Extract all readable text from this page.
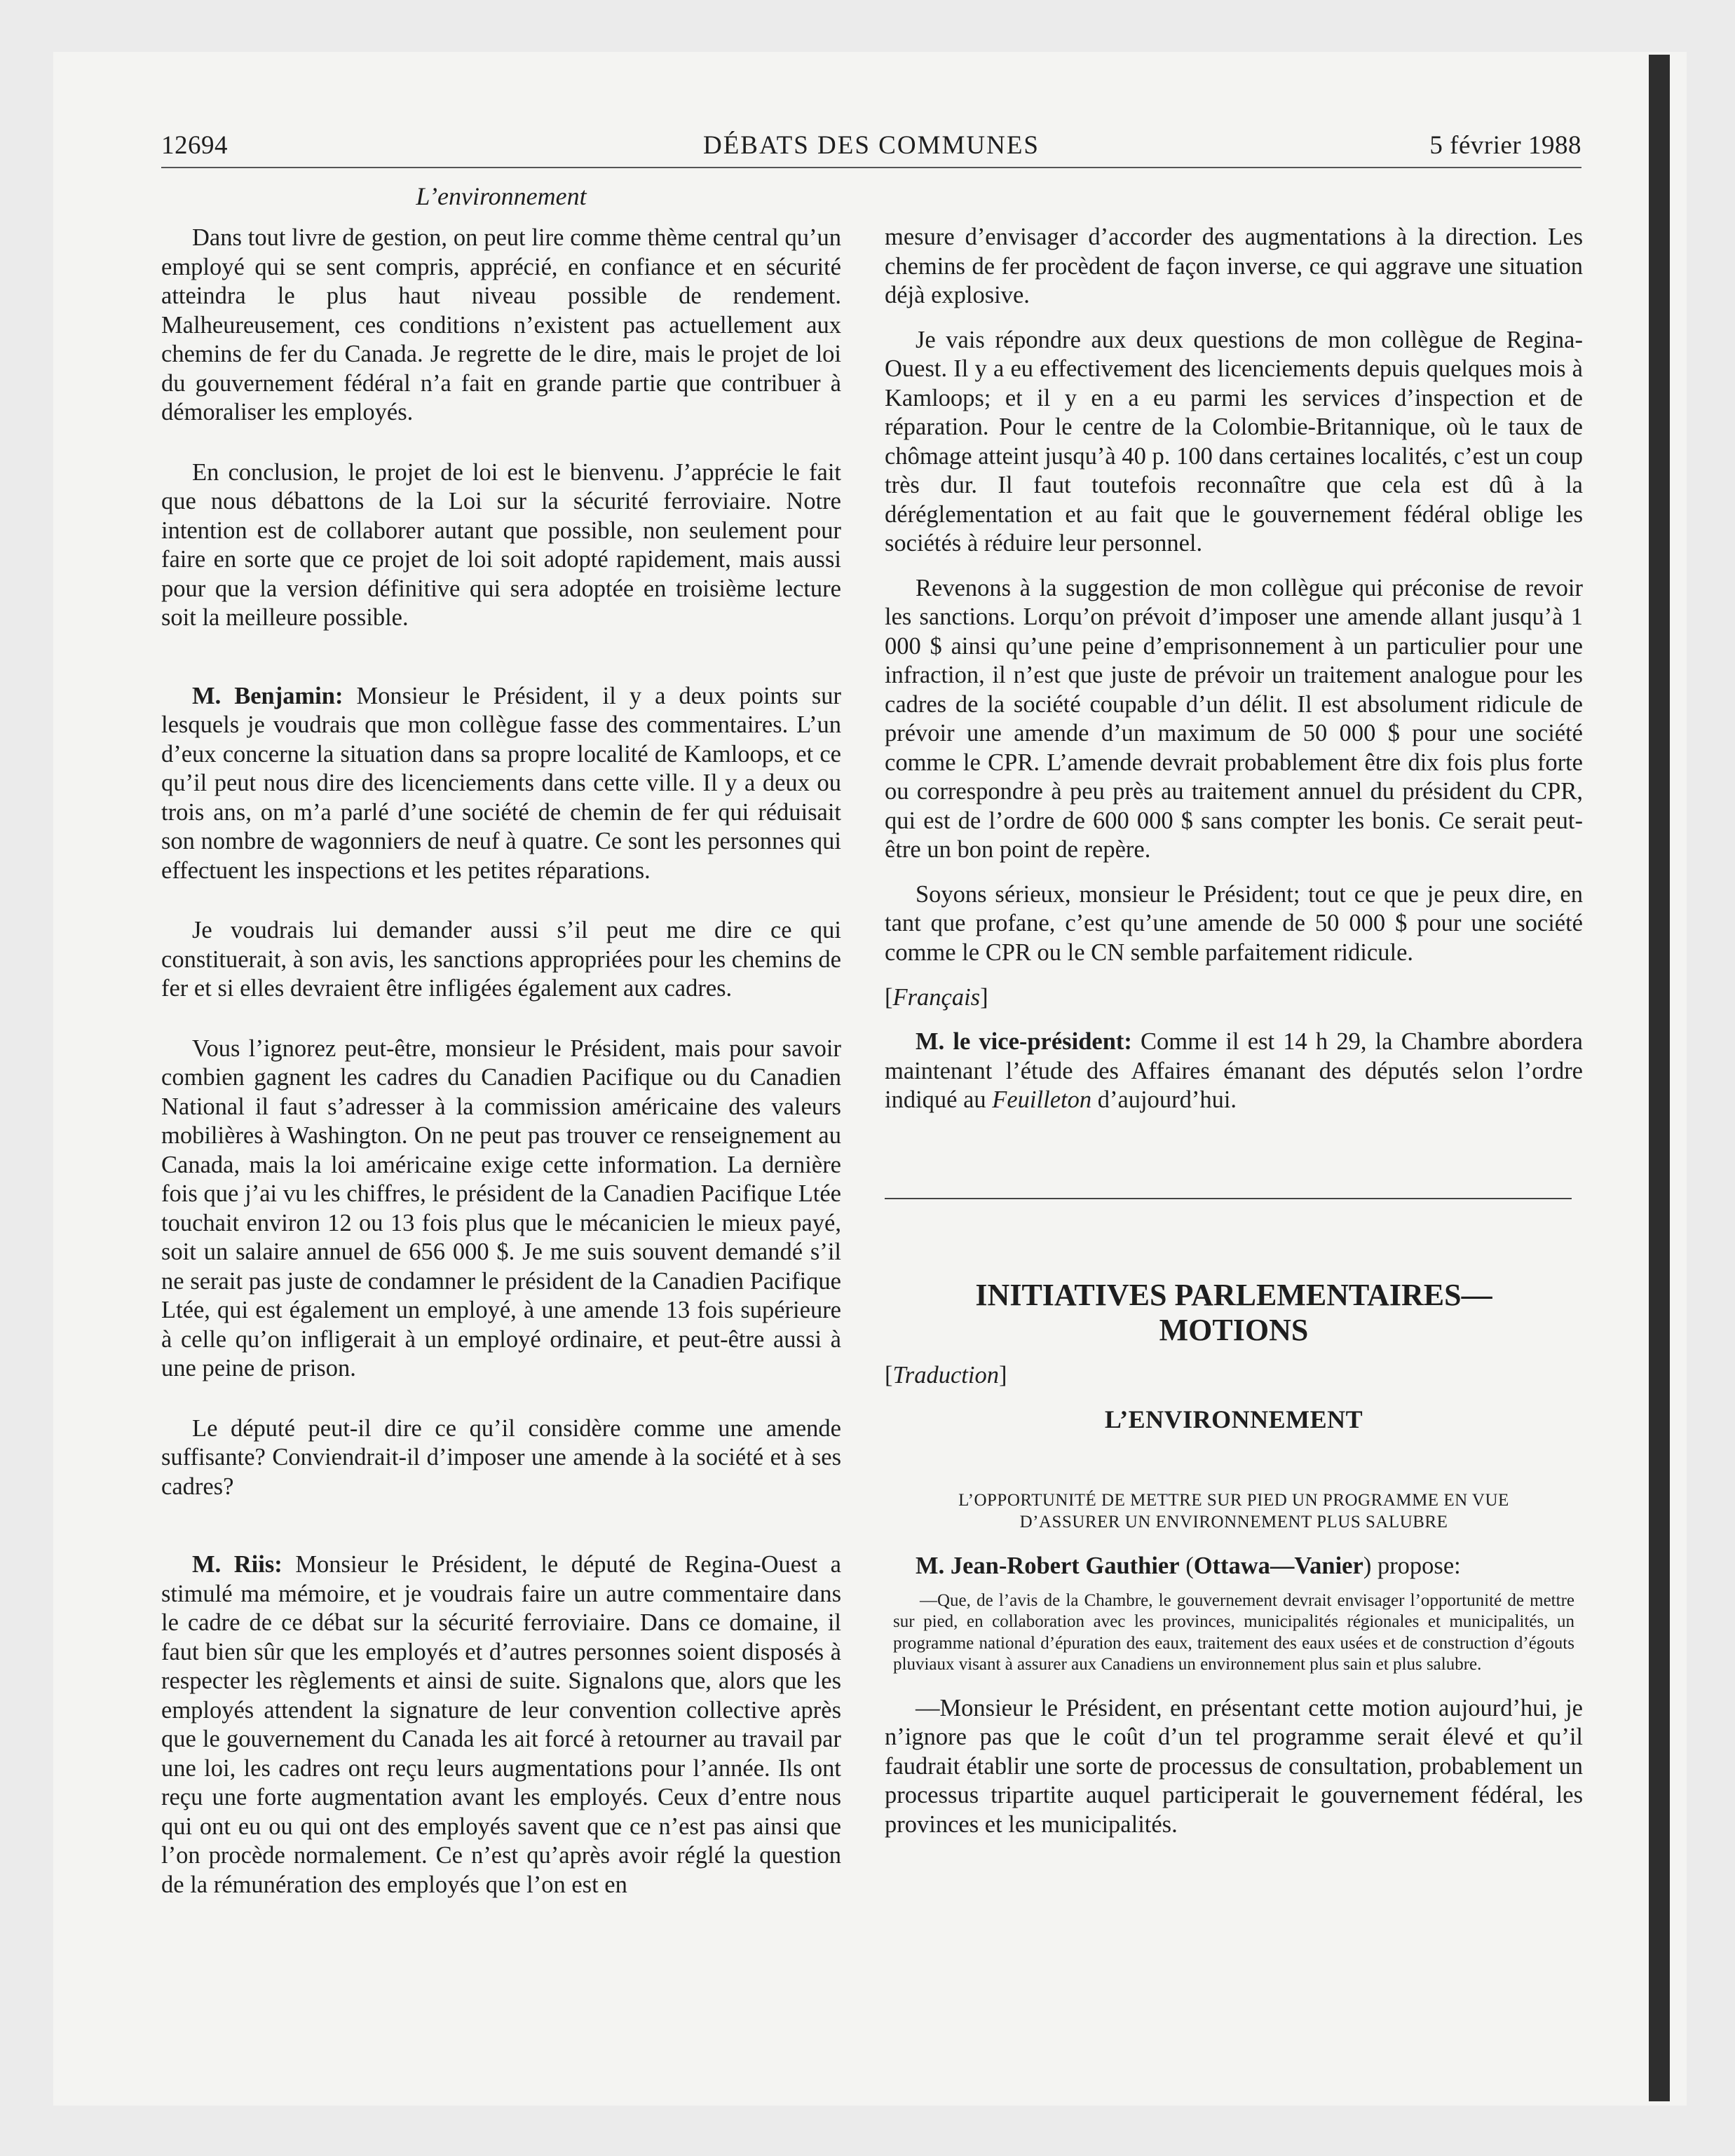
12694	DÉBATS DES COMMUNES	5 février 1988
L’environnement

Dans tout livre de gestion, on peut lire comme thème central qu’un employé qui se sent compris, apprécié, en confiance et en sécurité atteindra le plus haut niveau possible de rendement. Malheureusement, ces conditions n’existent pas actuellement aux chemins de fer du Canada. Je regrette de le dire, mais le projet de loi du gouvernement fédéral n’a fait en grande partie que contribuer à démoraliser les employés.

En conclusion, le projet de loi est le bienvenu. J’apprécie le fait que nous débattons de la Loi sur la sécurité ferroviaire. Notre intention est de collaborer autant que possible, non seulement pour faire en sorte que ce projet de loi soit adopté rapidement, mais aussi pour que la version définitive qui sera adoptée en troisième lecture soit la meilleure possible.

M. Benjamin: Monsieur le Président, il y a deux points sur lesquels je voudrais que mon collègue fasse des commentaires. L’un d’eux concerne la situation dans sa propre localité de Kamloops, et ce qu’il peut nous dire des licenciements dans cette ville. Il y a deux ou trois ans, on m’a parlé d’une société de chemin de fer qui réduisait son nombre de wagonniers de neuf à quatre. Ce sont les personnes qui effectuent les inspections et les petites réparations.

Je voudrais lui demander aussi s’il peut me dire ce qui constituerait, à son avis, les sanctions appropriées pour les chemins de fer et si elles devraient être infligées également aux cadres.

Vous l’ignorez peut-être, monsieur le Président, mais pour savoir combien gagnent les cadres du Canadien Pacifique ou du Canadien National il faut s’adresser à la commission américaine des valeurs mobilières à Washington. On ne peut pas trouver ce renseignement au Canada, mais la loi américaine exige cette information. La dernière fois que j’ai vu les chiffres, le président de la Canadien Pacifique Ltée touchait environ 12 ou 13 fois plus que le mécanicien le mieux payé, soit un salaire annuel de 656 000 $. Je me suis souvent demandé s’il ne serait pas juste de condamner le président de la Canadien Pacifique Ltée, qui est également un employé, à une amende 13 fois supérieure à celle qu’on infligerait à un employé ordinaire, et peut-être aussi à une peine de prison.

Le député peut-il dire ce qu’il considère comme une amende suffisante? Conviendrait-il d’imposer une amende à la société et à ses cadres?

M. Riis: Monsieur le Président, le député de Regina-Ouest a stimulé ma mémoire, et je voudrais faire un autre commentaire dans le cadre de ce débat sur la sécurité ferroviaire. Dans ce domaine, il faut bien sûr que les employés et d’autres personnes soient disposés à respecter les règlements et ainsi de suite. Signalons que, alors que les employés attendent la signature de leur convention collective après que le gouvernement du Canada les ait forcé à retourner au travail par une loi, les cadres ont reçu leurs augmentations pour l’année. Ils ont reçu une forte augmentation avant les employés. Ceux d’entre nous qui ont eu ou qui ont des employés savent que ce n’est pas ainsi que l’on procède normalement. Ce n’est qu’après avoir réglé la question de la rémunération des employés que l’on est en

mesure d’envisager d’accorder des augmentations à la direction. Les chemins de fer procèdent de façon inverse, ce qui aggrave une situation déjà explosive.

Je vais répondre aux deux questions de mon collègue de Regina-Ouest. Il y a eu effectivement des licenciements depuis quelques mois à Kamloops; et il y en a eu parmi les services d’inspection et de réparation. Pour le centre de la Colombie-Britannique, où le taux de chômage atteint jusqu’à 40 p. 100 dans certaines localités, c’est un coup très dur. Il faut toutefois reconnaître que cela est dû à la déréglementation et au fait que le gouvernement fédéral oblige les sociétés à réduire leur personnel.

Revenons à la suggestion de mon collègue qui préconise de revoir les sanctions. Lorqu’on prévoit d’imposer une amende allant jusqu’à 1 000 $ ainsi qu’une peine d’emprisonnement à un particulier pour une infraction, il n’est que juste de prévoir un traitement analogue pour les cadres de la société coupable d’un délit. Il est absolument ridicule de prévoir une amende d’un maximum de 50 000 $ pour une société comme le CPR. L’amende devrait probablement être dix fois plus forte ou correspondre à peu près au traitement annuel du président du CPR, qui est de l’ordre de 600 000 $ sans compter les bonis. Ce serait peut-être un bon point de repère.

Soyons sérieux, monsieur le Président; tout ce que je peux dire, en tant que profane, c’est qu’une amende de 50 000 $ pour une société comme le CPR ou le CN semble parfaitement ridicule.

[Français]

M. le vice-président: Comme il est 14 h 29, la Chambre abordera maintenant l’étude des Affaires émanant des députés selon l’ordre indiqué au Feuilleton d’aujourd’hui.

INITIATIVES PARLEMENTAIRES—
MOTIONS

[Traduction]

L’ENVIRONNEMENT

L’OPPORTUNITÉ DE METTRE SUR PIED UN PROGRAMME EN VUE
D’ASSURER UN ENVIRONNEMENT PLUS SALUBRE

M. Jean-Robert Gauthier (Ottawa—Vanier) propose:

—Que, de l’avis de la Chambre, le gouvernement devrait envisager l’opportunité de mettre sur pied, en collaboration avec les provinces, municipalités régionales et municipalités, un programme national d’épuration des eaux, traitement des eaux usées et de construction d’égouts pluviaux visant à assurer aux Canadiens un environnement plus sain et plus salubre.

—Monsieur le Président, en présentant cette motion aujourd’hui, je n’ignore pas que le coût d’un tel programme serait élevé et qu’il faudrait établir une sorte de processus de consultation, probablement un processus tripartite auquel participerait le gouvernement fédéral, les provinces et les municipalités.
